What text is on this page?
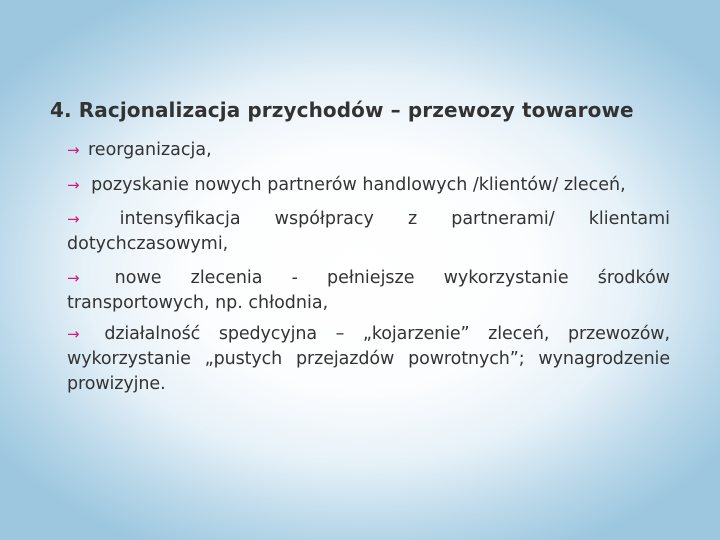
4. Racjonalizacja przychodów – przewozy towarowe
→ reorganizacja,
→ pozyskanie nowych partnerów handlowych /klientów/ zleceń,
→ intensyfikacja współpracy z partnerami/ klientami dotychczasowymi,
→ nowe zlecenia - pełniejsze wykorzystanie środków transportowych, np. chłodnia,
→ działalność spedycyjna – „kojarzenie” zleceń, przewozów, wykorzystanie „pustych przejazdów powrotnych”; wynagrodzenie prowizyjne.
